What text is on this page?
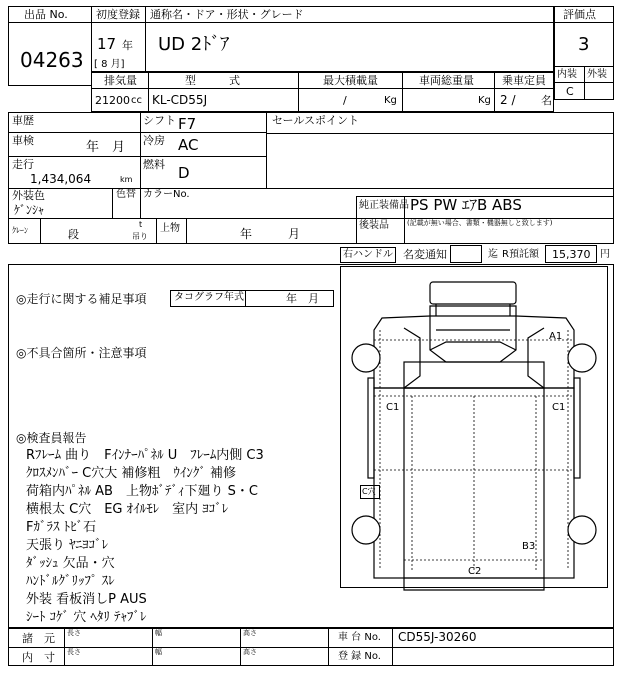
出品 No.
04263
初度登録 通称名・ドア・形状・グレード
17 年
[ 8 月]
UD 2ﾄﾞｱ
評価点
3
内装 外装
C
排気量	型　　　式	最大積載量	車両総重量	乗車定員
21200 cc KL-CD55J	/	Kg	Kg 2 / 名
車歴	シフト F7	セールスポイント
車検	年　月 冷房 AC
走行
1,434,064	km
燃料 D
外装色
ｹﾞﾝｼｬ
色替 カラーNo.
純正装備品 PS PW ｴｱB ABS
後装品	(記載が無い場合、書類・機器無しと致します)
ｸﾚｰﾝ	段
t
吊り
上物	年　　　月
右ハンドル 名変通知	迄 R預託額 15,370 円
◎走行に関する補足事項	タコグラフ年式	年　月
◎不具合箇所・注意事項
◎検査員報告
Rﾌﾚｰﾑ 曲り　Fｲﾝﾅｰﾊﾟﾈﾙ U　ﾌﾚｰﾑ内側 C3
ｸﾛｽﾒﾝﾊﾞｰ C穴大 補修粗　ｳｲﾝｸﾞ 補修
荷箱内ﾊﾟﾈﾙ AB　上物ﾎﾞﾃﾞｨ下廻り S・C
横根太 C穴　EG ｵｲﾙﾓﾚ　室内 ﾖｺﾞﾚ
Fｶﾞﾗｽ ﾄﾋﾞ石
天張り ﾔﾆﾖｺﾞﾚ
ﾀﾞｯｼｭ 欠品・穴
ﾊﾝﾄﾞﾙｸﾞﾘｯﾌﾟ ｽﾚ
外装 看板消しP AUS
ｼｰﾄ ｺｹﾞ 穴 ﾍﾀﾘ ﾃｬﾌﾞﾚ
A1
C1	C1
C穴
B3
C2
諸　元
内　寸
長さ	幅	高さ
長さ	幅	高さ
車 台 No. CD55J-30260
登 録 No.
